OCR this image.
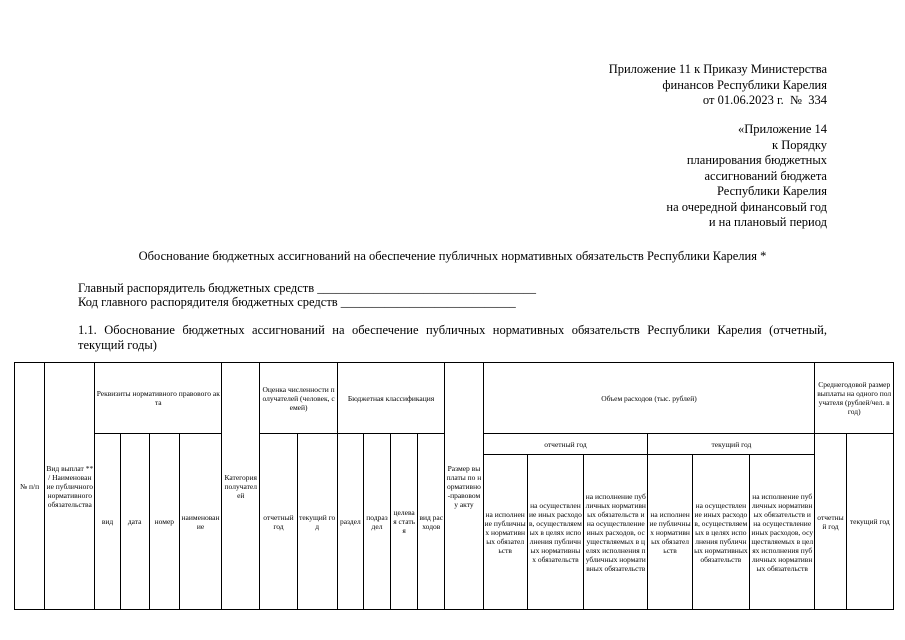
Приложение 11 к Приказу Министерства
финансов Республики Карелия
от 01.06.2023 г.  №  334
«Приложение 14
к Порядку
планирования бюджетных
ассигнований бюджета
Республики Карелия
на очередной финансовый год
и на плановый период
Обоснование бюджетных ассигнований на обеспечение публичных нормативных обязательств Республики Карелия *
Главный распорядитель бюджетных средств ___________________________________
Код главного распорядителя бюджетных средств ____________________________
1.1. Обоснование бюджетных ассигнований на обеспечение публичных нормативных обязательств Республики Карелия (отчетный, текущий годы)
№ п/п	Вид выплат ** / Наименование публичного нормативного обязательства	Реквизиты нормативного правового акта				Категория получателей	Оценка численности получателей (человек, семей)		Бюджетная классификация				Размер выплаты по нормативно-правовому акту	Объем расходов (тыс. рублей)						Среднегодовой размер выплаты на одного получателя (рублей/чел. в год)	
		вид	дата	номер	наименование		отчетный год	текущий год	раздел	подраздел	целевая статья	вид расходов		отчетный год			текущий год			отчетный год	текущий год
														на исполнение публичных нормативных обязательств	на осуществление иных расходов, осуществляемых в целях исполнения публичных нормативных обязательств	на исполнение публичных нормативных обязательств и на осуществление иных расходов, осуществляемых в целях исполнения публичных нормативных обязательств	на исполнение публичных нормативных обязательств	на осуществление иных расходов, осуществляемых в целях исполнения публичных нормативных обязательств	на исполнение публичных нормативных обязательств и на осуществление иных расходов, осуществляемых в целях исполнения публичных нормативных обязательств		
